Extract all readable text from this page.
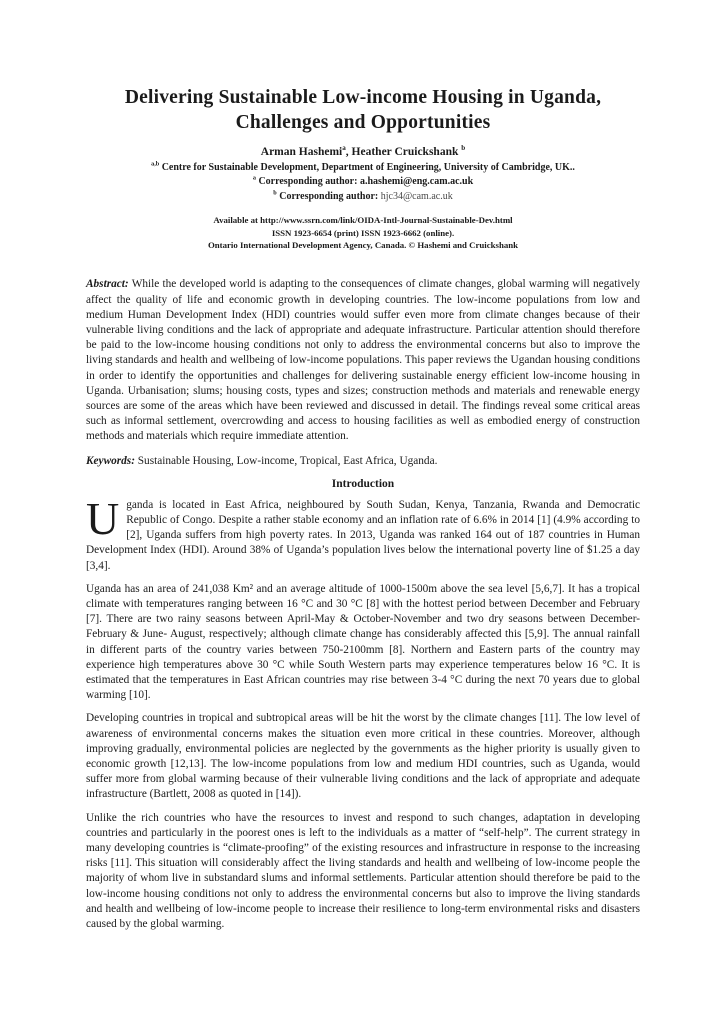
Delivering Sustainable Low-income Housing in Uganda,
Challenges and Opportunities
Arman Hashemi$^a$, Heather Cruickshank $^b$
$^{a,b}$ Centre for Sustainable Development, Department of Engineering, University of Cambridge, UK..
$^a$ Corresponding author: a.hashemi@eng.cam.ac.uk
$^b$ Corresponding author: hjc34@cam.ac.uk
Available at http://www.ssrn.com/link/OIDA-Intl-Journal-Sustainable-Dev.html
ISSN 1923-6654 (print) ISSN 1923-6662 (online).
Ontario International Development Agency, Canada. © Hashemi and Cruickshank

Abstract: While the developed world is adapting to the consequences of climate changes, global warming will negatively affect the quality of life and economic growth in developing countries. The low-income populations from low and medium Human Development Index (HDI) countries would suffer even more from climate changes because of their vulnerable living conditions and the lack of appropriate and adequate infrastructure. Particular attention should therefore be paid to the low-income housing conditions not only to address the environmental concerns but also to improve the living standards and health and wellbeing of low-income populations. This paper reviews the Ugandan housing conditions in order to identify the opportunities and challenges for delivering sustainable energy efficient low-income housing in Uganda. Urbanisation; slums; housing costs, types and sizes; construction methods and materials and renewable energy sources are some of the areas which have been reviewed and discussed in detail. The findings reveal some critical areas such as informal settlement, overcrowding and access to housing facilities as well as embodied energy of construction methods and materials which require immediate attention.

Keywords: Sustainable Housing, Low-income, Tropical, East Africa, Uganda.

Introduction

Uganda is located in East Africa, neighboured by South Sudan, Kenya, Tanzania, Rwanda and Democratic Republic of Congo. Despite a rather stable economy and an inflation rate of 6.6% in 2014 [1] (4.9% according to [2], Uganda suffers from high poverty rates. In 2013, Uganda was ranked 164 out of 187 countries in Human Development Index (HDI). Around 38% of Uganda’s population lives below the international poverty line of $1.25 a day [3,4].

Uganda has an area of 241,038 Km² and an average altitude of 1000-1500m above the sea level [5,6,7]. It has a tropical climate with temperatures ranging between 16 °C and 30 °C [8] with the hottest period between December and February [7]. There are two rainy seasons between April-May & October-November and two dry seasons between December-February & June- August, respectively; although climate change has considerably affected this [5,9]. The annual rainfall in different parts of the country varies between 750-2100mm [8]. Northern and Eastern parts of the country may experience high temperatures above 30 °C while South Western parts may experience temperatures below 16 °C. It is estimated that the temperatures in East African countries may rise between 3-4 °C during the next 70 years due to global warming [10].

Developing countries in tropical and subtropical areas will be hit the worst by the climate changes [11]. The low level of awareness of environmental concerns makes the situation even more critical in these countries. Moreover, although improving gradually, environmental policies are neglected by the governments as the higher priority is usually given to economic growth [12,13]. The low-income populations from low and medium HDI countries, such as Uganda, would suffer more from global warming because of their vulnerable living conditions and the lack of appropriate and adequate infrastructure (Bartlett, 2008 as quoted in [14]).

Unlike the rich countries who have the resources to invest and respond to such changes, adaptation in developing countries and particularly in the poorest ones is left to the individuals as a matter of “self-help”. The current strategy in many developing countries is “climate-proofing” of the existing resources and infrastructure in response to the increasing risks [11]. This situation will considerably affect the living standards and health and wellbeing of low-income people the majority of whom live in substandard slums and informal settlements. Particular attention should therefore be paid to the low-income housing conditions not only to address the environmental concerns but also to improve the living standards and health and wellbeing of low-income people to increase their resilience to long-term environmental risks and disasters caused by the global warming.
